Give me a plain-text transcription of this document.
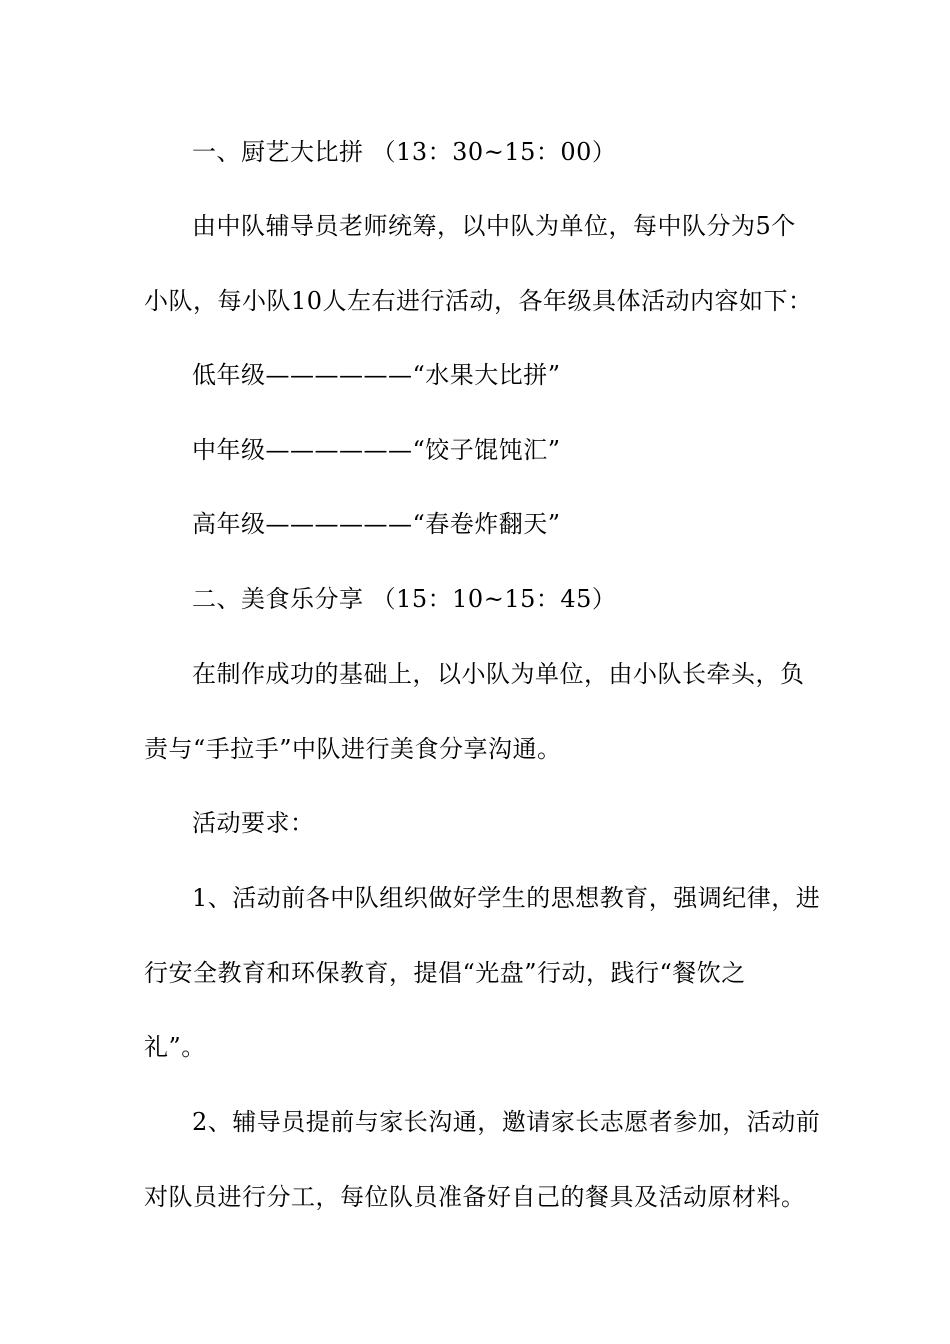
一、厨艺大比拼 （13：30~15：00）
由中队辅导员老师统筹，以中队为单位，每中队分为5个
小队，每小队10人左右进行活动，各年级具体活动内容如下：
低年级——————“水果大比拼”
中年级——————“饺子馄饨汇”
高年级——————“春卷炸翻天”
二、美食乐分享 （15：10~15：45）
在制作成功的基础上，以小队为单位，由小队长牵头，负
责与“手拉手”中队进行美食分享沟通。
活动要求：
1、活动前各中队组织做好学生的思想教育，强调纪律，进
行安全教育和环保教育，提倡“光盘”行动，践行“餐饮之
礼”。
2、辅导员提前与家长沟通，邀请家长志愿者参加，活动前
对队员进行分工，每位队员准备好自己的餐具及活动原材料。
